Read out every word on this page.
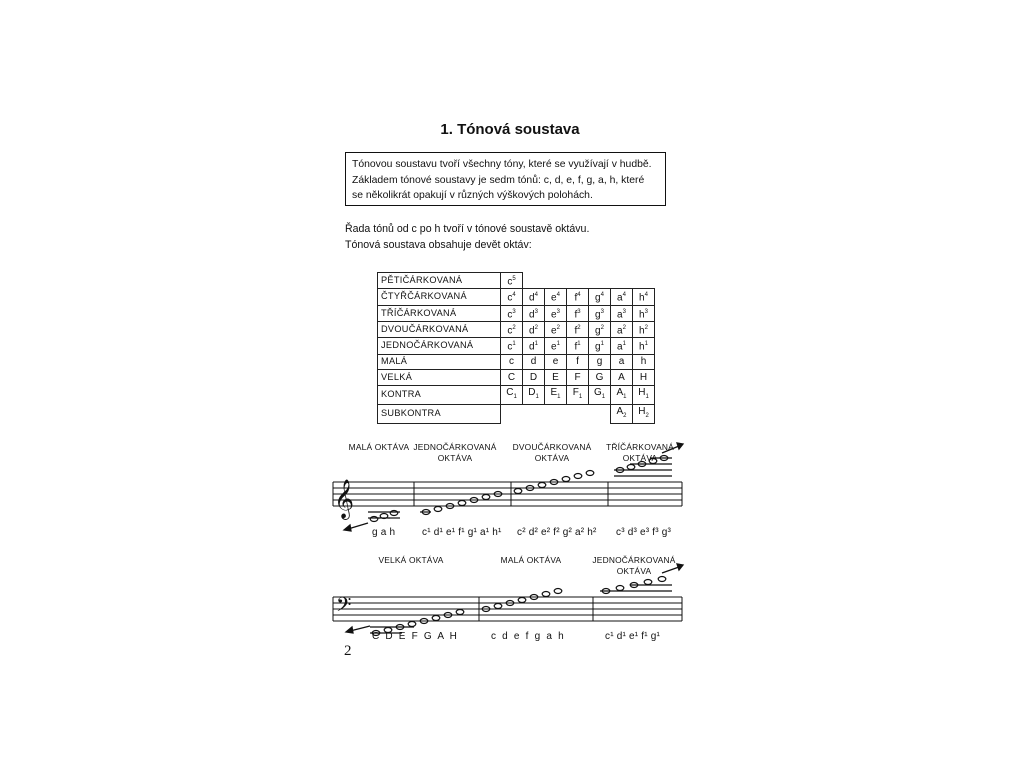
1. Tónová soustava

Tónovou soustavu tvoří všechny tóny, které se využívají v hudbě.

Základem tónové soustavy je sedm tónů: c, d, e, f, g, a, h, které

se několikrát opakují v různých výškových polohách.

Řada tónů od c po h tvoří v tónové soustavě oktávu.

Tónová soustava obsahuje devět oktáv:

PĚTIČÁRKOVANÁ	$c^5$						
ČTYŘČÁRKOVANÁ	$c^4$	$d^4$	$e^4$	$f^4$	$g^4$	$a^4$	$h^4$
TŘÍČÁRKOVANÁ	$c^3$	$d^3$	$e^3$	$f^3$	$g^3$	$a^3$	$h^3$
DVOUČÁRKOVANÁ	$c^2$	$d^2$	$e^2$	$f^2$	$g^2$	$a^2$	$h^2$
JEDNOČÁRKOVANÁ	$c^1$	$d^1$	$e^1$	$f^1$	$g^1$	$a^1$	$h^1$
MALÁ	c	d	e	f	g	a	h
VELKÁ	C	D	E	F	G	A	H
KONTRA	$C_1$	$D_1$	$E_1$	$F_1$	$G_1$	$A_1$	$H_1$
SUBKONTRA						$A_2$	$H_2$
𝄞
𝄢
MALÁ OKTÁVA JEDNOČÁRKOVANÁ OKTÁVA
DVOUČÁRKOVANÁ OKTÁVA
TŘÍČÁRKOVANÁ OKTÁVA
g a h	c¹ d¹ e¹ f¹ g¹ a¹ h¹ c² d² e² f² g² a² h² c³ d³ e³ f³ g³
VELKÁ OKTÁVA	MALÁ OKTÁVA	JEDNOČÁRKOVANÁ OKTÁVA
C D E F G A H	c d e f g a h	c¹ d¹ e¹ f¹ g¹
2
